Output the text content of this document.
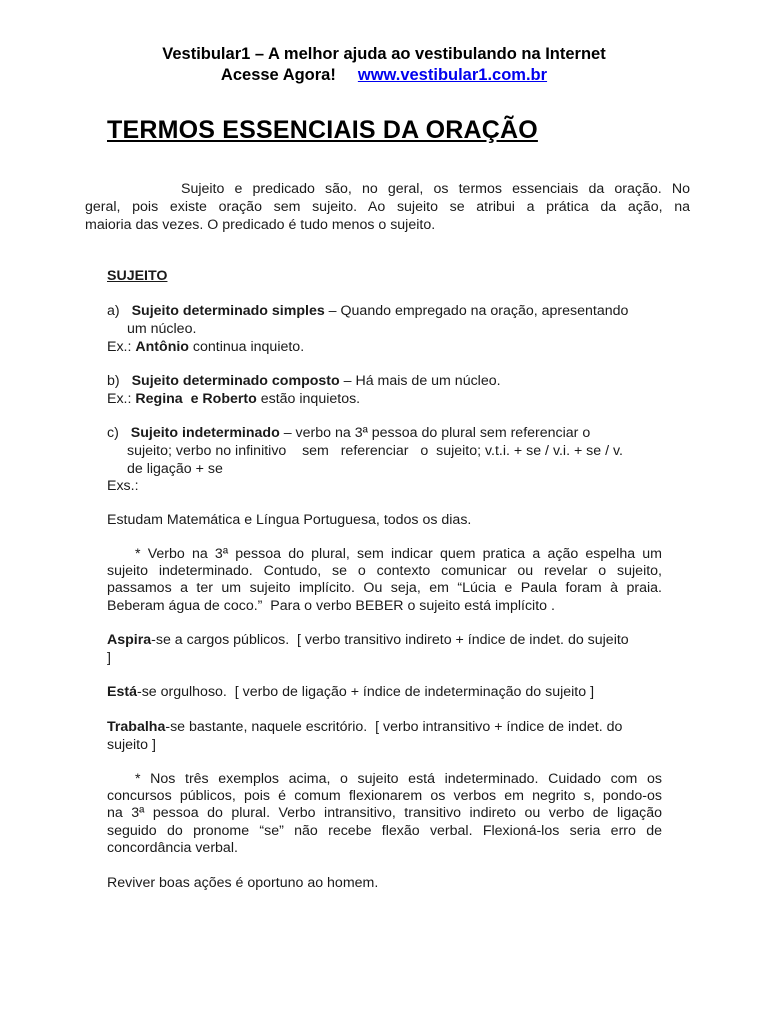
Vestibular1 – A melhor ajuda ao vestibulando na Internet
Acesse Agora! www.vestibular1.com.br
TERMOS ESSENCIAIS DA ORAÇÃO
Sujeito e predicado são, no geral, os termos essenciais da oração. No
geral, pois existe oração sem sujeito. Ao sujeito se atribui a prática da ação, na
maioria das vezes. O predicado é tudo menos o sujeito.
SUJEITO
a) Sujeito determinado simples – Quando empregado na oração, apresentando
um núcleo.
Ex.: Antônio continua inquieto.
b) Sujeito determinado composto – Há mais de um núcleo.
Ex.: Regina  e Roberto estão inquietos.
c) Sujeito indeterminado – verbo na 3ª pessoa do plural sem referenciar o
sujeito; verbo no infinitivo    sem   referenciar   o  sujeito; v.t.i. + se / v.i. + se / v.
de ligação + se
Exs.:
Estudam Matemática e Língua Portuguesa, todos os dias.
* Verbo na 3ª pessoa do plural, sem indicar quem pratica a ação espelha um
sujeito indeterminado. Contudo, se o contexto comunicar ou revelar o sujeito,
passamos a ter um sujeito implícito. Ou seja, em “Lúcia e Paula foram à praia.
Beberam água de coco.”  Para o verbo BEBER o sujeito está implícito .
Aspira-se a cargos públicos.  [ verbo transitivo indireto + índice de indet. do sujeito
]
Está-se orgulhoso.  [ verbo de ligação + índice de indeterminação do sujeito ]
Trabalha-se bastante, naquele escritório.  [ verbo intransitivo + índice de indet. do
sujeito ]
* Nos três exemplos acima, o sujeito está indeterminado. Cuidado com os
concursos públicos, pois é comum flexionarem os verbos em negrito s, pondo-os
na 3ª pessoa do plural. Verbo intransitivo, transitivo indireto ou verbo de ligação
seguido do pronome “se” não recebe flexão verbal. Flexioná-los seria erro de
concordância verbal.
Reviver boas ações é oportuno ao homem.
